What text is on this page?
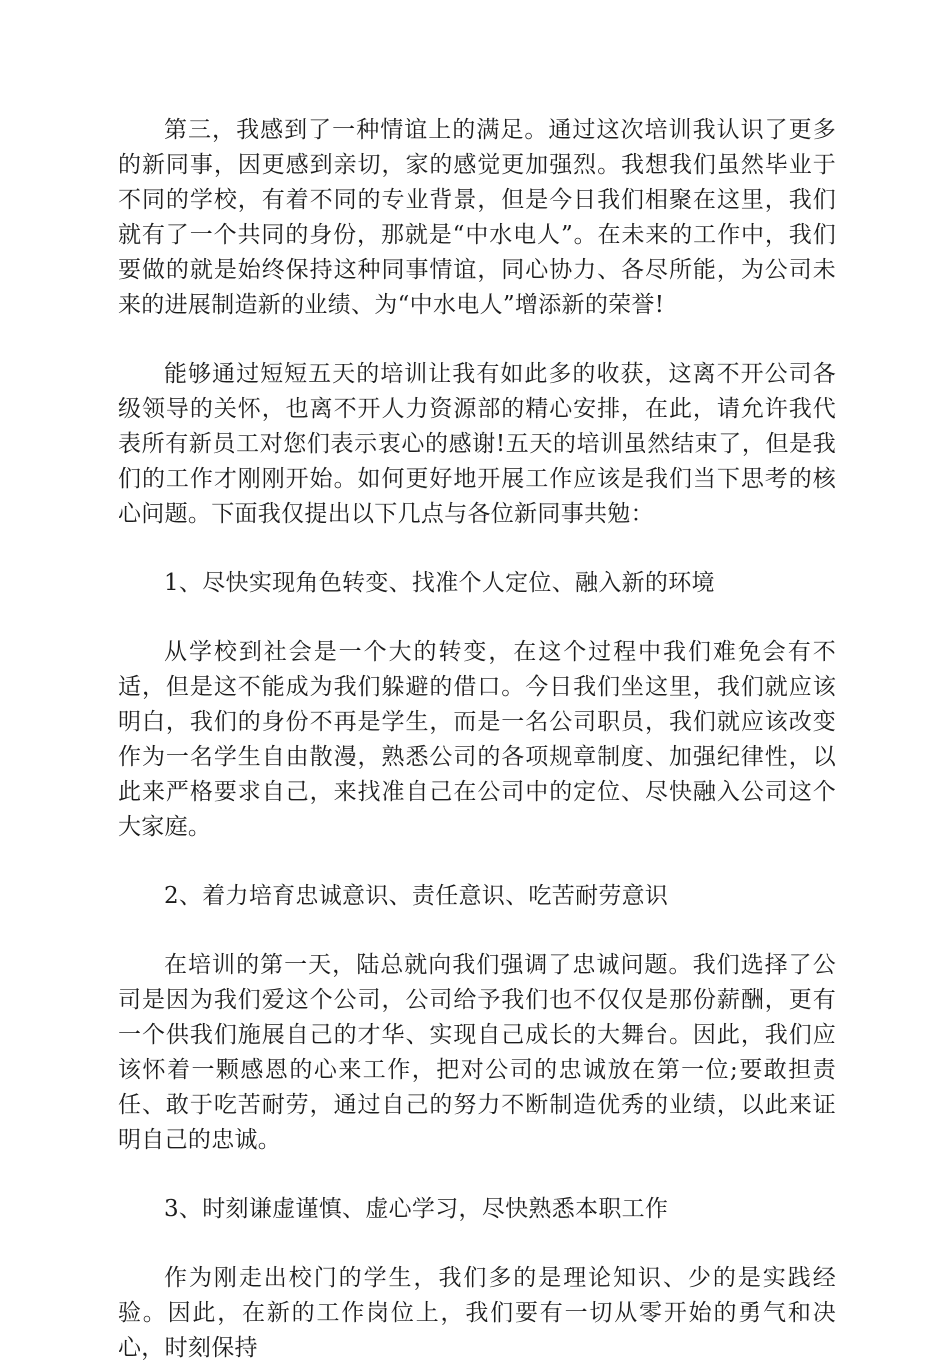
第三，我感到了一种情谊上的满足。通过这次培训我认识了更多的新同事，因更感到亲切，家的感觉更加强烈。我想我们虽然毕业于不同的学校，有着不同的专业背景，但是今日我们相聚在这里，我们就有了一个共同的身份，那就是“中水电人”。在未来的工作中，我们要做的就是始终保持这种同事情谊，同心协力、各尽所能，为公司未来的进展制造新的业绩、为“中水电人”增添新的荣誉!

能够通过短短五天的培训让我有如此多的收获，这离不开公司各级领导的关怀，也离不开人力资源部的精心安排，在此，请允许我代表所有新员工对您们表示衷心的感谢!五天的培训虽然结束了，但是我们的工作才刚刚开始。如何更好地开展工作应该是我们当下思考的核心问题。下面我仅提出以下几点与各位新同事共勉：

1、尽快实现角色转变、找准个人定位、融入新的环境

从学校到社会是一个大的转变，在这个过程中我们难免会有不适，但是这不能成为我们躲避的借口。今日我们坐这里，我们就应该明白，我们的身份不再是学生，而是一名公司职员，我们就应该改变作为一名学生自由散漫，熟悉公司的各项规章制度、加强纪律性，以此来严格要求自己，来找准自己在公司中的定位、尽快融入公司这个大家庭。

2、着力培育忠诚意识、责任意识、吃苦耐劳意识

在培训的第一天，陆总就向我们强调了忠诚问题。我们选择了公司是因为我们爱这个公司，公司给予我们也不仅仅是那份薪酬，更有一个供我们施展自己的才华、实现自己成长的大舞台。因此，我们应该怀着一颗感恩的心来工作，把对公司的忠诚放在第一位;要敢担责任、敢于吃苦耐劳，通过自己的努力不断制造优秀的业绩，以此来证明自己的忠诚。

3、时刻谦虚谨慎、虚心学习，尽快熟悉本职工作

作为刚走出校门的学生，我们多的是理论知识、少的是实践经验。因此，在新的工作岗位上，我们要有一切从零开始的勇气和决心，时刻保持
